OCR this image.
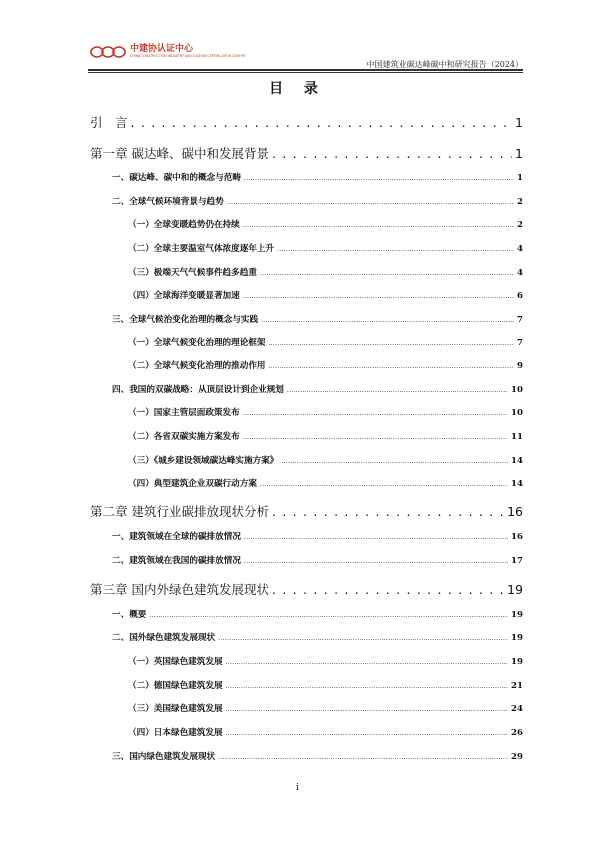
中建协认证中心
CHINA CONSTRUCTION INDUSTRY ASSOCIATION CERTIFICATION CENTER
中国建筑业碳达峰碳中和研究报告（2024）
目 录
引　言 . . .	1
第一章 碳达峰、碳中和发展背景 . . .	1
一、碳达峰、碳中和的概念与范畴 .....	1
二、全球气候环境背景与趋势 .....	2
（一）全球变暖趋势仍在持续 .....	2
（二）全球主要温室气体浓度逐年上升 .....	4
（三）极端天气气候事件趋多趋重 .....	4
（四）全球海洋变暖显著加速 .....	6
三、全球气候治变化治理的概念与实践 .....	7
（一）全球气候变化治理的理论框架 .....	7
（二）全球气候变化治理的推动作用 .....	9
四、我国的双碳战略：从顶层设计到企业规划 .....	10
（一）国家主管层面政策发布 .....	10
（二）各省双碳实施方案发布 .....	11
（三）《城乡建设领域碳达峰实施方案》 .....	14
（四）典型建筑企业双碳行动方案 .....	14
第二章 建筑行业碳排放现状分析 . . .	16
一、建筑领域在全球的碳排放情况 .....	16
二、建筑领域在我国的碳排放情况 .....	17
第三章 国内外绿色建筑发展现状 . . .	19
一、概要 .....	19
二、国外绿色建筑发展现状 .....	19
（一）英国绿色建筑发展 .....	19
（二）德国绿色建筑发展 .....	21
（三）美国绿色建筑发展 .....	24
（四）日本绿色建筑发展 .....	26
三、国内绿色建筑发展现状 .....	29
i
